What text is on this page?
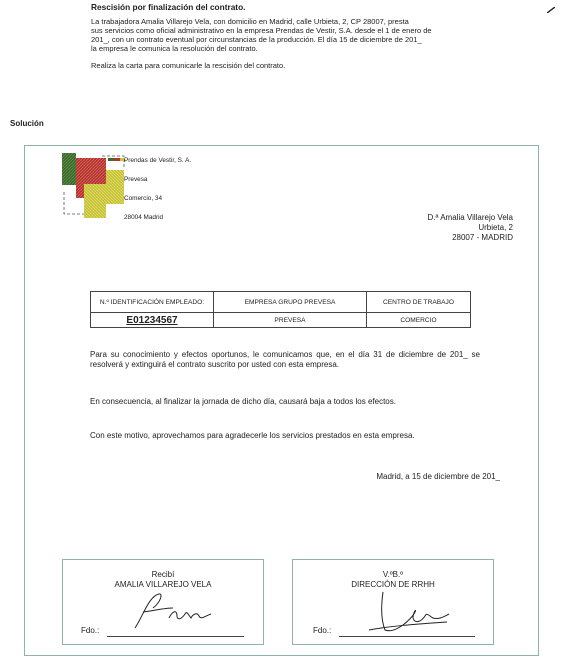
Rescisión por finalización del contrato.
La trabajadora Amalia Villarejo Vela, con domicilio en Madrid, calle Urbieta, 2, CP 28007, presta
sus servicios como oficial administrativo en la empresa Prendas de Vestir, S.A. desde el 1 de enero de
201_, con un contrato eventual por circunstancias de la producción. El día 15 de diciembre de 201_
la empresa le comunica la resolución del contrato.
Realiza la carta para comunicarle la rescisión del contrato.
Solución
Prendas de Vestir, S. A.
Prevesa
Comercio, 34
28004 Madrid	D.ª Amalia Villarejo Vela
Urbieta, 2
28007 - MADRID
N.º IDENTIFICACIÓN EMPLEADO:	EMPRESA GRUPO PREVESA	CENTRO DE TRABAJO
E01234567	PREVESA	COMERCIO
Para su conocimiento y efectos oportunos, le comunicamos que, en el día 31 de diciembre de 201_ se resolverá y extinguirá el contrato suscrito por usted con esta empresa.
En consecuencia, al finalizar la jornada de dicho día, causará baja a todos los efectos.
Con este motivo, aprovechamos para agradecerle los servicios prestados en esta empresa.
Madrid, a 15 de diciembre de 201_
Recibí
AMALIA VILLAREJO VELA
Fdo.:
V.ºB.º
DIRECCIÓN DE RRHH
Fdo.:
